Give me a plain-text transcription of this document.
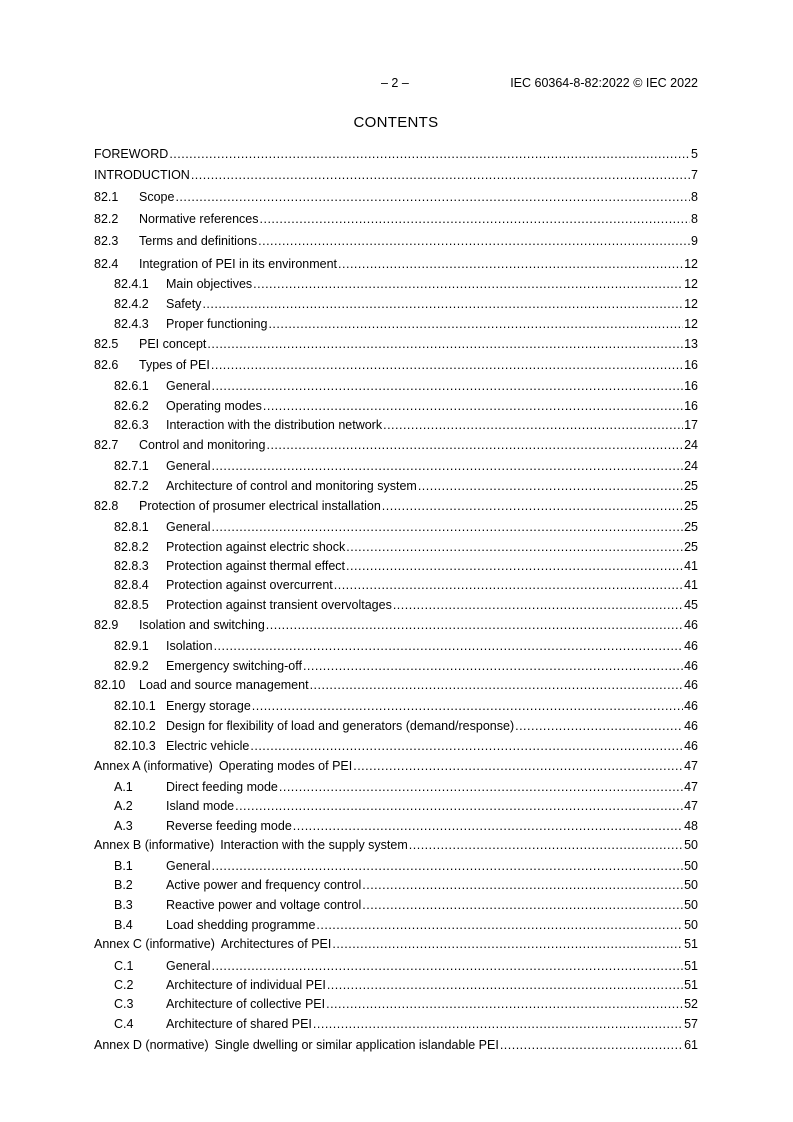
– 2 –	IEC 60364-8-82:2022 © IEC 2022
CONTENTS
FOREWORD .....	5
INTRODUCTION .....	7
82.1	Scope .....	8
82.2	Normative references .....	8
82.3	Terms and definitions .....	9
82.4	Integration of PEI in its environment .....	12
82.4.1	Main objectives .....	12
82.4.2	Safety .....	12
82.4.3	Proper functioning .....	12
82.5	PEI concept .....	13
82.6	Types of PEI .....	16
82.6.1	General .....	16
82.6.2	Operating modes .....	16
82.6.3	Interaction with the distribution network .....	17
82.7	Control and monitoring .....	24
82.7.1	General .....	24
82.7.2	Architecture of control and monitoring system .....	25
82.8	Protection of prosumer electrical installation .....	25
82.8.1	General .....	25
82.8.2	Protection against electric shock .....	25
82.8.3	Protection against thermal effect .....	41
82.8.4	Protection against overcurrent .....	41
82.8.5	Protection against transient overvoltages .....	45
82.9	Isolation and switching .....	46
82.9.1	Isolation .....	46
82.9.2	Emergency switching-off .....	46
82.10	Load and source management .....	46
82.10.1 Energy storage .....	46
82.10.2 Design for flexibility of load and generators (demand/response) .....	46
82.10.3 Electric vehicle .....	46
Annex A (informative) Operating modes of PEI .....	47
A.1	Direct feeding mode .....	47
A.2	Island mode .....	47
A.3	Reverse feeding mode .....	48
Annex B (informative) Interaction with the supply system .....	50
B.1	General .....	50
B.2	Active power and frequency control .....	50
B.3	Reactive power and voltage control .....	50
B.4	Load shedding programme .....	50
Annex C (informative) Architectures of PEI .....	51
C.1	General .....	51
C.2	Architecture of individual PEI .....	51
C.3	Architecture of collective PEI .....	52
C.4	Architecture of shared PEI .....	57
Annex D (normative) Single dwelling or similar application islandable PEI .....	61
